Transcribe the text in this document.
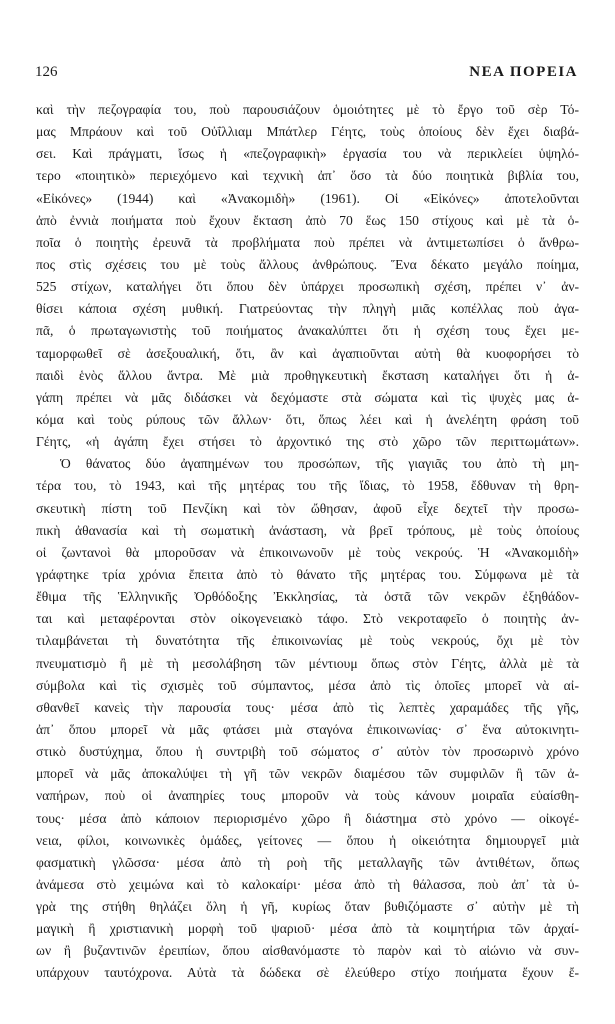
126	ΝΕΑ ΠΟΡΕΙΑ
καὶ τὴν πεζογραφία του, ποὺ παρουσιάζουν ὁμοιότητες μὲ τὸ ἔργο τοῦ σὲρ Τό-
μας Μπράουν καὶ τοῦ Οὐΐλλιαμ Μπάτλερ Γέητς, τοὺς ὁποίους δὲν ἔχει διαβά-
σει. Καὶ πράγματι, ἴσως ἡ «πεζογραφικὴ» ἐργασία του νὰ περικλείει ὑψηλό-
τερο «ποιητικὸ» περιεχόμενο καὶ τεχνικὴ ἀπ᾿ ὅσο τὰ δύο ποιητικὰ βιβλία του,
«Εἰκόνες» (1944) καὶ «Ἀνακομιδὴ» (1961). Οἱ «Εἰκόνες» ἀποτελοῦνται
ἀπὸ ἐννιὰ ποιήματα ποὺ ἔχουν ἔκταση ἀπὸ 70 ἕως 150 στίχους καὶ μὲ τὰ ὁ-
ποῖα ὁ ποιητὴς ἐρευνᾶ τὰ προβλήματα ποὺ πρέπει νὰ ἀντιμετωπίσει ὁ ἄνθρω-
πος στὶς σχέσεις του μὲ τοὺς ἄλλους ἀνθρώπους. Ἕνα δέκατο μεγάλο ποίημα,
525 στίχων, καταλήγει ὅτι ὅπου δὲν ὑπάρχει προσωπικὴ σχέση, πρέπει ν᾿ ἀν-
θίσει κάποια σχέση μυθική. Γιατρεύοντας τὴν πληγὴ μιᾶς κοπέλλας ποὺ ἀγα-
πᾶ, ὁ πρωταγωνιστὴς τοῦ ποιήματος ἀνακαλύπτει ὅτι ἡ σχέση τους ἔχει με-
ταμορφωθεῖ σὲ ἀσεξουαλική, ὅτι, ἂν καὶ ἀγαπιοῦνται αὐτὴ θὰ κυοφορήσει τὸ
παιδὶ ἑνὸς ἄλλου ἄντρα. Μὲ μιὰ προθηγκευτικὴ ἔκσταση καταλήγει ὅτι ἡ ἀ-
γάπη πρέπει νὰ μᾶς διδάσκει νὰ δεχόμαστε στὰ σώματα καὶ τὶς ψυχὲς μας ἀ-
κόμα καὶ τοὺς ρύπους τῶν ἄλλων· ὅτι, ὅπως λέει καὶ ἡ ἀνελέητη φράση τοῦ
Γέητς, «ἡ ἀγάπη ἔχει στήσει τὸ ἀρχοντικό της στὸ χῶρο τῶν περιττωμάτων».
Ὁ θάνατος δύο ἀγαπημένων του προσώπων, τῆς γιαγιᾶς του ἀπὸ τὴ μη-
τέρα του, τὸ 1943, καὶ τῆς μητέρας του τῆς ἴδιας, τὸ 1958, ἔδθυναν τὴ θρη-
σκευτικὴ πίστη τοῦ Πενζίκη καὶ τὸν ὤθησαν, ἀφοῦ εἶχε δεχτεῖ τὴν προσω-
πικὴ ἀθανασία καὶ τὴ σωματικὴ ἀνάσταση, νὰ βρεῖ τρόπους, μὲ τοὺς ὁποίους
οἱ ζωντανοὶ θὰ μποροῦσαν νὰ ἐπικοινωνοῦν μὲ τοὺς νεκρούς. Ἡ «Ἀνακομιδὴ»
γράφτηκε τρία χρόνια ἔπειτα ἀπὸ τὸ θάνατο τῆς μητέρας του. Σύμφωνα μὲ τὰ
ἔθιμα τῆς Ἑλληνικῆς Ὀρθόδοξης Ἐκκλησίας, τὰ ὀστᾶ τῶν νεκρῶν ἐξηθάδον-
ται καὶ μεταφέρονται στὸν οἰκογενειακὸ τάφο. Στὸ νεκροταφεῖο ὁ ποιητὴς ἀν-
τιλαμβάνεται τὴ δυνατότητα τῆς ἐπικοινωνίας μὲ τοὺς νεκρούς, ὄχι μὲ τὸν
πνευματισμὸ ἢ μὲ τὴ μεσολάβηση τῶν μέντιουμ ὅπως στὸν Γέητς, ἀλλὰ μὲ τὰ
σύμβολα καὶ τὶς σχισμὲς τοῦ σύμπαντος, μέσα ἀπὸ τὶς ὁποῖες μπορεῖ νὰ αἰ-
σθανθεῖ κανεὶς τὴν παρουσία τους· μέσα ἀπὸ τὶς λεπτὲς χαραμάδες τῆς γῆς,
ἀπ᾿ ὅπου μπορεῖ νὰ μᾶς φτάσει μιὰ σταγόνα ἐπικοινωνίας· σ᾿ ἕνα αὐτοκινητι-
στικὸ δυστύχημα, ὅπου ἡ συντριβὴ τοῦ σώματος σ᾿ αὐτὸν τὸν προσωρινὸ χρόνο
μπορεῖ νὰ μᾶς ἀποκαλύψει τὴ γῆ τῶν νεκρῶν διαμέσου τῶν συμφιλῶν ἢ τῶν ἀ-
ναπήρων, ποὺ οἱ ἀναπηρίες τους μποροῦν νὰ τοὺς κάνουν μοιραῖα εὐαίσθη-
τους· μέσα ἀπὸ κάποιον περιορισμένο χῶρο ἢ διάστημα στὸ χρόνο — οἰκογέ-
νεια, φίλοι, κοινωνικὲς ὁμάδες, γείτονες — ὅπου ἡ οἰκειότητα δημιουργεῖ μιὰ
φασματικὴ γλῶσσα· μέσα ἀπὸ τὴ ροὴ τῆς μεταλλαγῆς τῶν ἀντιθέτων, ὅπως
ἀνάμεσα στὸ χειμώνα καὶ τὸ καλοκαίρι· μέσα ἀπὸ τὴ θάλασσα, ποὺ ἀπ᾿ τὰ ὑ-
γρὰ της στήθη θηλάζει ὅλη ἡ γῆ, κυρίως ὅταν βυθιζόμαστε σ᾿ αὐτὴν μὲ τὴ
μαγικὴ ἢ χριστιανικὴ μορφὴ τοῦ ψαριοῦ· μέσα ἀπὸ τὰ κοιμητήρια τῶν ἀρχαί-
ων ἢ βυζαντινῶν ἐρειπίων, ὅπου αἰσθανόμαστε τὸ παρὸν καὶ τὸ αἰώνιο νὰ συν-
υπάρχουν ταυτόχρονα. Αὐτὰ τὰ δώδεκα σὲ ἐλεύθερο στίχο ποιήματα ἔχουν ἔ-
